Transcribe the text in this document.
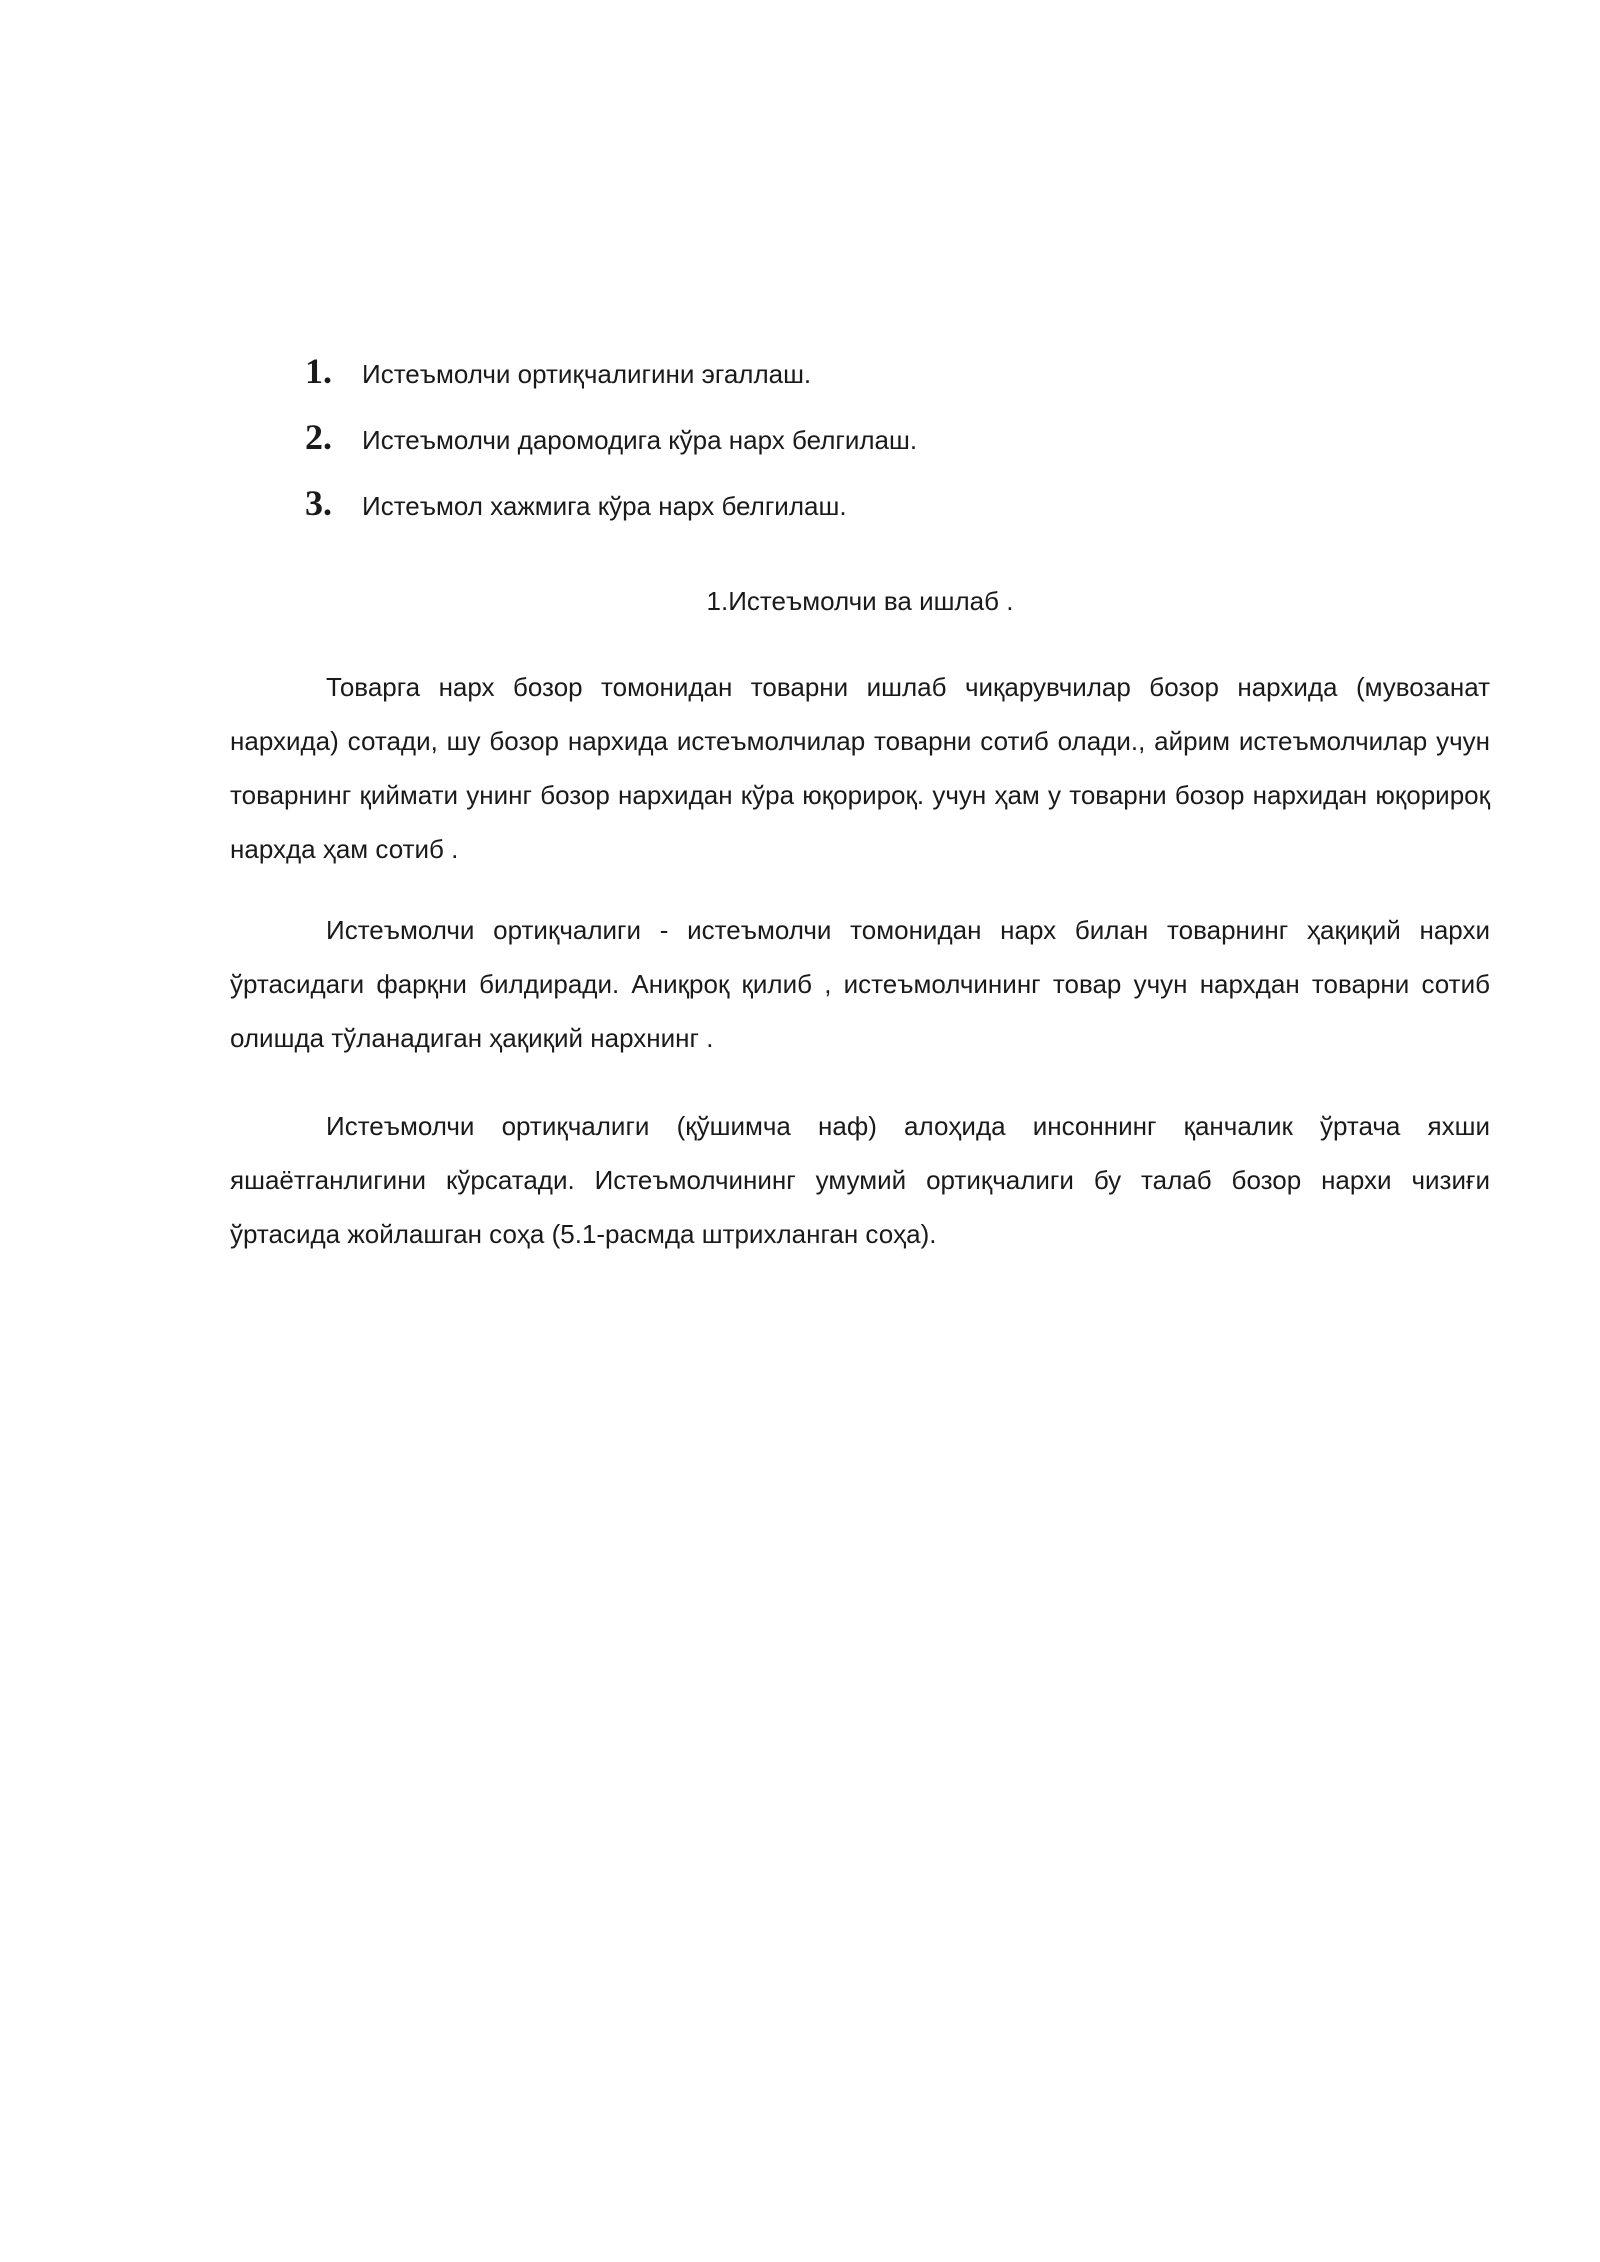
1.	Истеъмолчи ортиқчалигини эгаллаш.
2.	Истеъмолчи даромодига кўра нарх белгилаш.
3.	Истеъмол хажмига кўра нарх белгилаш.
1.Истеъмолчи ва ишлаб .

Товарга нарх бозор томонидан товарни ишлаб чиқарувчилар бозор нархида (мувозанат нархида) сотади, шу бозор нархида истеъмолчилар товарни сотиб олади., айрим истеъмолчилар учун товарнинг қиймати унинг бозор нархидан кўра юқорироқ. учун ҳам у товарни бозор нархидан юқорироқ нархда ҳам сотиб .

Истеъмолчи ортиқчалиги - истеъмолчи томонидан нарх билан товарнинг ҳақиқий нархи ўртасидаги фарқни билдиради. Аниқроқ қилиб , истеъмолчининг товар учун нархдан товарни сотиб олишда тўланадиган ҳақиқий нархнинг .

Истеъмолчи ортиқчалиги (қўшимча наф) алоҳида инсоннинг қанчалик ўртача яхши яшаётганлигини кўрсатади. Истеъмолчининг умумий ортиқчалиги бу талаб бозор нархи чизиғи ўртасида жойлашган соҳа (5.1-расмда штрихланган соҳа).
